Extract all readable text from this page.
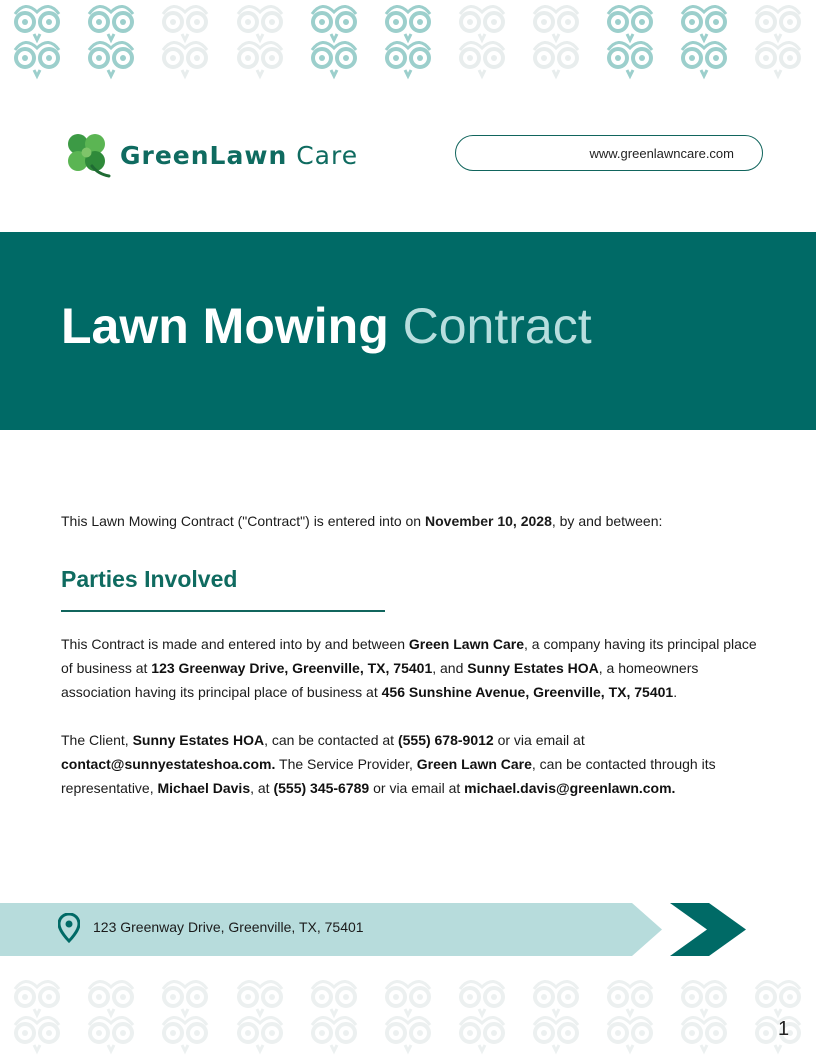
GreenLawn Care	www.greenlawncare.com
Lawn Mowing Contract
This Lawn Mowing Contract ("Contract") is entered into on November 10, 2028, by and between:
Parties Involved

This Contract is made and entered into by and between Green Lawn Care, a company having its principal place of business at 123 Greenway Drive, Greenville, TX, 75401, and Sunny Estates HOA, a homeowners association having its principal place of business at 456 Sunshine Avenue, Greenville, TX, 75401.

The Client, Sunny Estates HOA, can be contacted at (555) 678-9012 or via email at
contact@sunnyestateshoa.com. The Service Provider, Green Lawn Care, can be contacted through its representative, Michael Davis, at (555) 345-6789 or via email at michael.davis@greenlawn.com.

123 Greenway Drive, Greenville, TX, 75401
1
